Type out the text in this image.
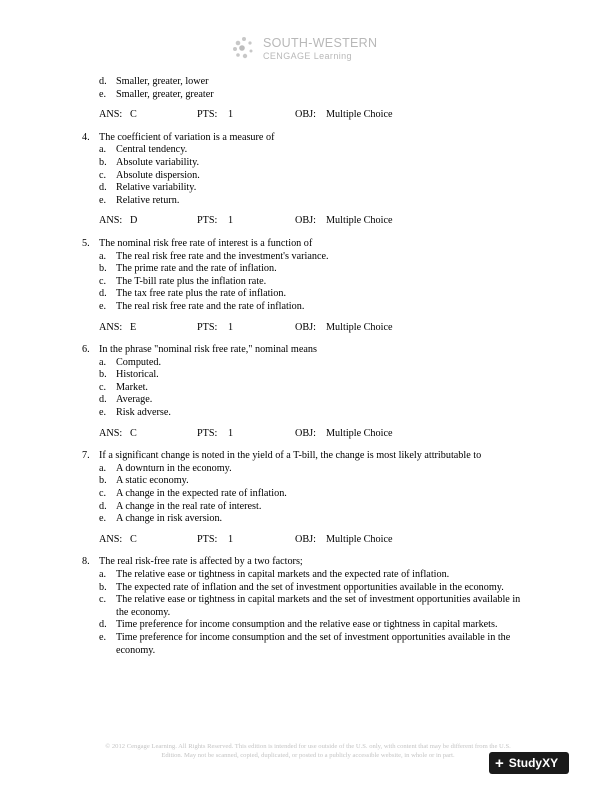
SOUTH-WESTERN
CENGAGE Learning
d. Smaller, greater, lower
e. Smaller, greater, greater
ANS: C	PTS: 1	OBJ: Multiple Choice
4. The coefficient of variation is a measure of
a. Central tendency.
b. Absolute variability.
c. Absolute dispersion.
d. Relative variability.
e. Relative return.
ANS: D	PTS: 1	OBJ: Multiple Choice
5. The nominal risk free rate of interest is a function of
a. The real risk free rate and the investment's variance.
b. The prime rate and the rate of inflation.
c. The T-bill rate plus the inflation rate.
d. The tax free rate plus the rate of inflation.
e. The real risk free rate and the rate of inflation.
ANS: E	PTS: 1	OBJ: Multiple Choice
6. In the phrase "nominal risk free rate," nominal means
a. Computed.
b. Historical.
c. Market.
d. Average.
e. Risk adverse.
ANS: C	PTS: 1	OBJ: Multiple Choice
7. If a significant change is noted in the yield of a T-bill, the change is most likely attributable to
a. A downturn in the economy.
b. A static economy.
c. A change in the expected rate of inflation.
d. A change in the real rate of interest.
e. A change in risk aversion.
ANS: C	PTS: 1	OBJ: Multiple Choice
8. The real risk-free rate is affected by a two factors;
a. The relative ease or tightness in capital markets and the expected rate of inflation.
b. The expected rate of inflation and the set of investment opportunities available in the economy.
c. The relative ease or tightness in capital markets and the set of investment opportunities available in the economy.
d. Time preference for income consumption and the relative ease or tightness in capital markets.
e. Time preference for income consumption and the set of investment opportunities available in the economy.
© 2012 Cengage Learning. All Rights Reserved. This edition is intended for use outside of the U.S. only, with content that may be different from the U.S.
Edition. May not be scanned, copied, duplicated, or posted to a publicly accessible website, in whole or in part.	+ StudyXY
